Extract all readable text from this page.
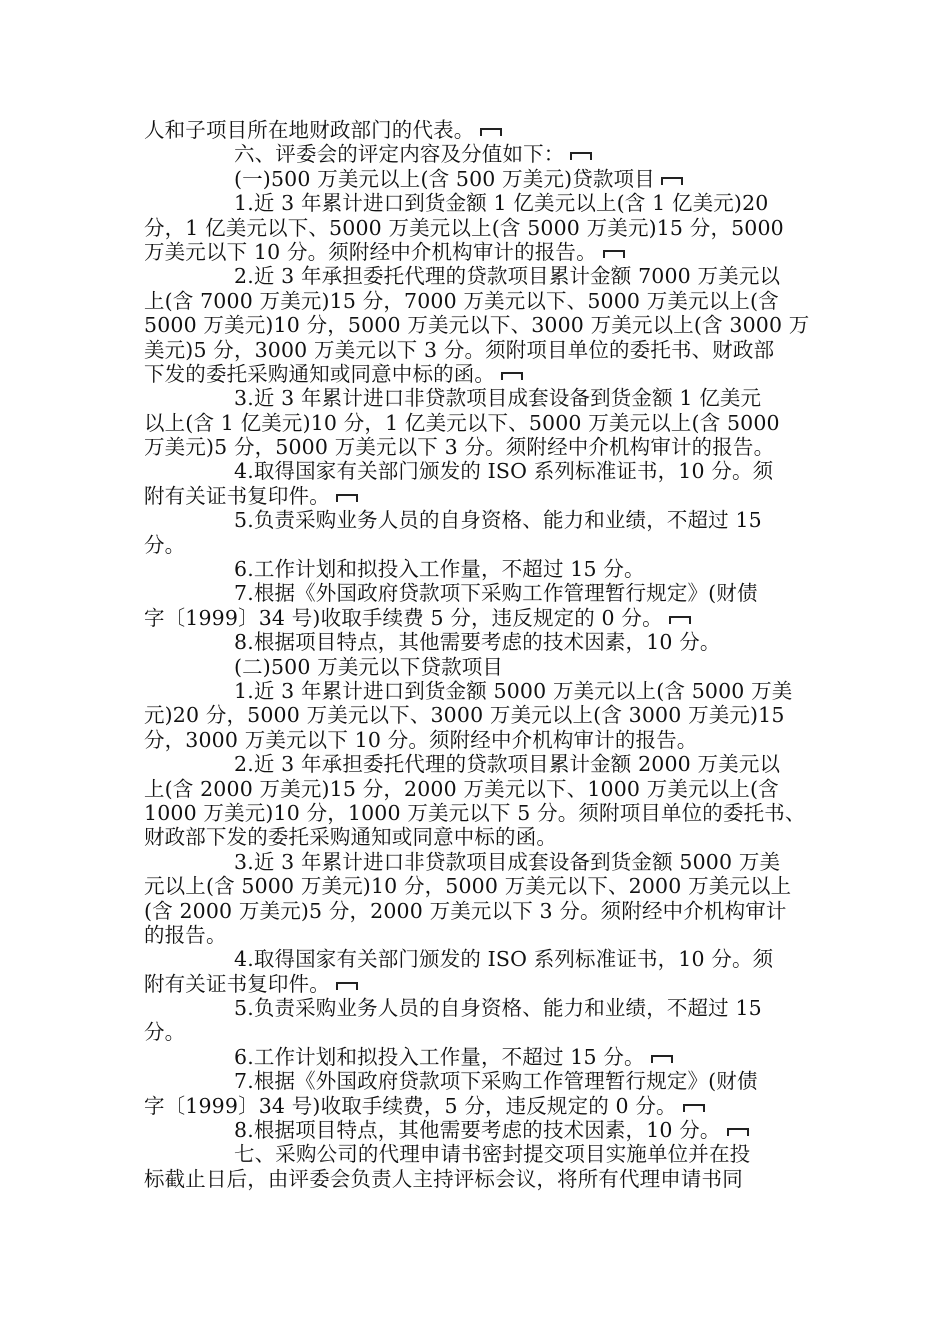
人和子项目所在地财政部门的代表。
六、评委会的评定内容及分值如下：
(一)500 万美元以上(含 500 万美元)贷款项目
1.近 3 年累计进口到货金额 1 亿美元以上(含 1 亿美元)20
分，1 亿美元以下、5000 万美元以上(含 5000 万美元)15 分，5000
万美元以下 10 分。须附经中介机构审计的报告。
2.近 3 年承担委托代理的贷款项目累计金额 7000 万美元以
上(含 7000 万美元)15 分，7000 万美元以下、5000 万美元以上(含
5000 万美元)10 分，5000 万美元以下、3000 万美元以上(含 3000 万
美元)5 分，3000 万美元以下 3 分。须附项目单位的委托书、财政部
下发的委托采购通知或同意中标的函。
3.近 3 年累计进口非贷款项目成套设备到货金额 1 亿美元
以上(含 1 亿美元)10 分，1 亿美元以下、5000 万美元以上(含 5000
万美元)5 分，5000 万美元以下 3 分。须附经中介机构审计的报告。
4.取得国家有关部门颁发的 ISO 系列标准证书，10 分。须
附有关证书复印件。
5.负责采购业务人员的自身资格、能力和业绩，不超过 15
分。
6.工作计划和拟投入工作量，不超过 15 分。
7.根据《外国政府贷款项下采购工作管理暂行规定》(财债
字〔1999〕34 号)收取手续费 5 分，违反规定的 0 分。
8.根据项目特点，其他需要考虑的技术因素，10 分。
(二)500 万美元以下贷款项目
1.近 3 年累计进口到货金额 5000 万美元以上(含 5000 万美
元)20 分，5000 万美元以下、3000 万美元以上(含 3000 万美元)15
分，3000 万美元以下 10 分。须附经中介机构审计的报告。
2.近 3 年承担委托代理的贷款项目累计金额 2000 万美元以
上(含 2000 万美元)15 分，2000 万美元以下、1000 万美元以上(含
1000 万美元)10 分，1000 万美元以下 5 分。须附项目单位的委托书、
财政部下发的委托采购通知或同意中标的函。
3.近 3 年累计进口非贷款项目成套设备到货金额 5000 万美
元以上(含 5000 万美元)10 分，5000 万美元以下、2000 万美元以上
(含 2000 万美元)5 分，2000 万美元以下 3 分。须附经中介机构审计
的报告。
4.取得国家有关部门颁发的 ISO 系列标准证书，10 分。须
附有关证书复印件。
5.负责采购业务人员的自身资格、能力和业绩，不超过 15
分。
6.工作计划和拟投入工作量，不超过 15 分。
7.根据《外国政府贷款项下采购工作管理暂行规定》(财债
字〔1999〕34 号)收取手续费，5 分，违反规定的 0 分。
8.根据项目特点，其他需要考虑的技术因素，10 分。
七、采购公司的代理申请书密封提交项目实施单位并在投
标截止日后，由评委会负责人主持评标会议，将所有代理申请书同
